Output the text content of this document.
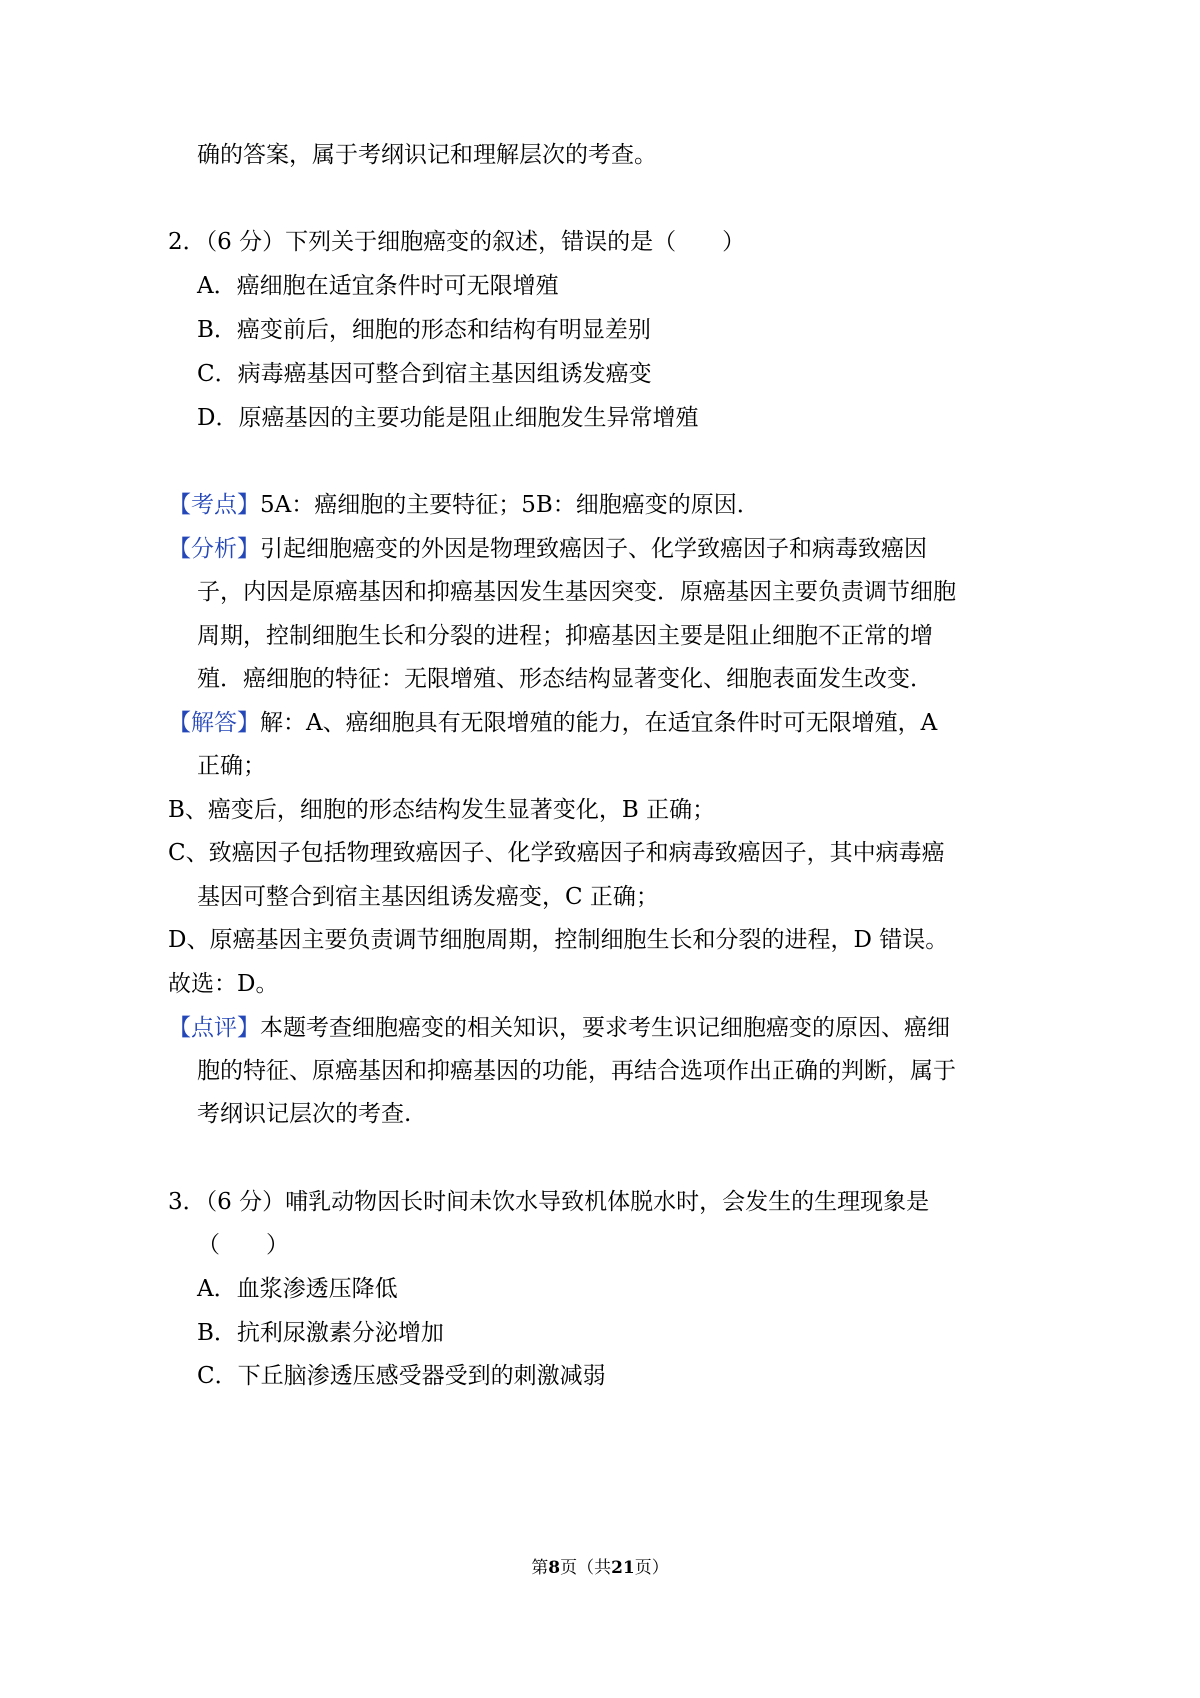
确的答案，属于考纲识记和理解层次的考查。
2．（6 分）下列关于细胞癌变的叙述，错误的是（　　）
A．癌细胞在适宜条件时可无限增殖
B．癌变前后，细胞的形态和结构有明显差别
C．病毒癌基因可整合到宿主基因组诱发癌变
D．原癌基因的主要功能是阻止细胞发生异常增殖
【考点】5A：癌细胞的主要特征；5B：细胞癌变的原因．
【分析】引起细胞癌变的外因是物理致癌因子、化学致癌因子和病毒致癌因
子，内因是原癌基因和抑癌基因发生基因突变．原癌基因主要负责调节细胞
周期，控制细胞生长和分裂的进程；抑癌基因主要是阻止细胞不正常的增
殖．癌细胞的特征：无限增殖、形态结构显著变化、细胞表面发生改变．
【解答】解：A、癌细胞具有无限增殖的能力，在适宜条件时可无限增殖，A
正确；
B、癌变后，细胞的形态结构发生显著变化，B 正确；
C、致癌因子包括物理致癌因子、化学致癌因子和病毒致癌因子，其中病毒癌
基因可整合到宿主基因组诱发癌变，C 正确；
D、原癌基因主要负责调节细胞周期，控制细胞生长和分裂的进程，D 错误。
故选：D。
【点评】本题考查细胞癌变的相关知识，要求考生识记细胞癌变的原因、癌细
胞的特征、原癌基因和抑癌基因的功能，再结合选项作出正确的判断，属于
考纲识记层次的考查.
3．（6 分）哺乳动物因长时间未饮水导致机体脱水时，会发生的生理现象是
（　　）
A．血浆渗透压降低
B．抗利尿激素分泌增加
C．下丘脑渗透压感受器受到的刺激减弱
第8页（共21页）
